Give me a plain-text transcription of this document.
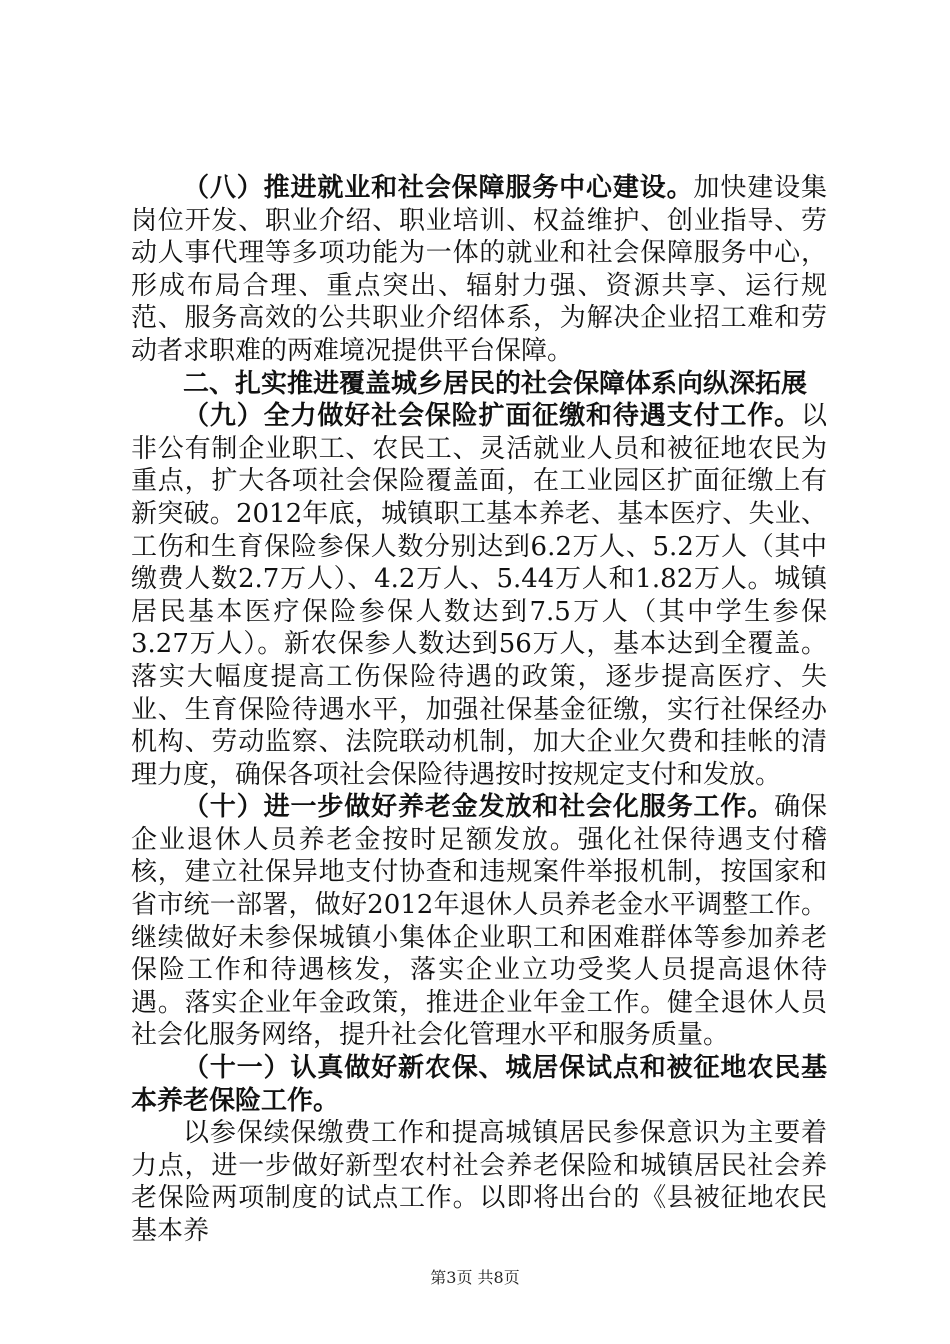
（八）推进就业和社会保障服务中心建设。加快建设集岗位开发、职业介绍、职业培训、权益维护、创业指导、劳动人事代理等多项功能为一体的就业和社会保障服务中心，形成布局合理、重点突出、辐射力强、资源共享、运行规范、服务高效的公共职业介绍体系，为解决企业招工难和劳动者求职难的两难境况提供平台保障。

二、扎实推进覆盖城乡居民的社会保障体系向纵深拓展

（九）全力做好社会保险扩面征缴和待遇支付工作。以非公有制企业职工、农民工、灵活就业人员和被征地农民为重点，扩大各项社会保险覆盖面，在工业园区扩面征缴上有新突破。2012年底，城镇职工基本养老、基本医疗、失业、工伤和生育保险参保人数分别达到6.2万人、5.2万人（其中缴费人数2.7万人）、4.2万人、5.44万人和1.82万人。城镇居民基本医疗保险参保人数达到7.5万人（其中学生参保3.27万人）。新农保参人数达到56万人，基本达到全覆盖。落实大幅度提高工伤保险待遇的政策，逐步提高医疗、失业、生育保险待遇水平，加强社保基金征缴，实行社保经办机构、劳动监察、法院联动机制，加大企业欠费和挂帐的清理力度，确保各项社会保险待遇按时按规定支付和发放。

（十）进一步做好养老金发放和社会化服务工作。确保企业退休人员养老金按时足额发放。强化社保待遇支付稽核，建立社保异地支付协查和违规案件举报机制，按国家和省市统一部署，做好2012年退休人员养老金水平调整工作。继续做好未参保城镇小集体企业职工和困难群体等参加养老保险工作和待遇核发，落实企业立功受奖人员提高退休待遇。落实企业年金政策，推进企业年金工作。健全退休人员社会化服务网络，提升社会化管理水平和服务质量。

（十一）认真做好新农保、城居保试点和被征地农民基本养老保险工作。

以参保续保缴费工作和提高城镇居民参保意识为主要着力点，进一步做好新型农村社会养老保险和城镇居民社会养老保险两项制度的试点工作。以即将出台的《县被征地农民基本养

第3页 共8页
